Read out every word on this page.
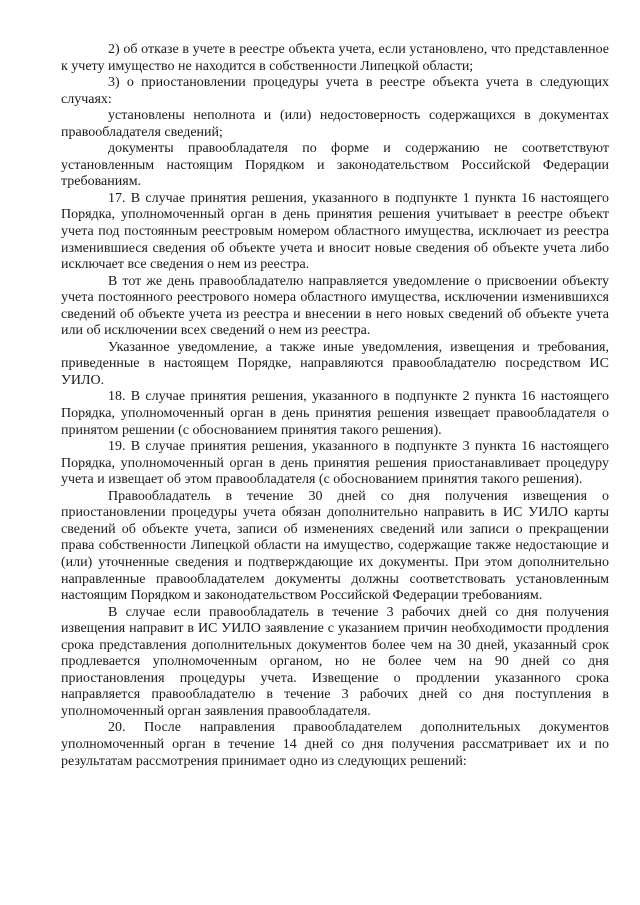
2) об отказе в учете в реестре объекта учета, если установлено, что представленное к учету имущество не находится в собственности Липецкой области;

3) о приостановлении процедуры учета в реестре объекта учета в следующих случаях:

установлены неполнота и (или) недостоверность содержащихся в документах правообладателя сведений;

документы правообладателя по форме и содержанию не соответствуют установленным настоящим Порядком и законодательством Российской Федерации требованиям.

17. В случае принятия решения, указанного в подпункте 1 пункта 16 настоящего Порядка, уполномоченный орган в день принятия решения учитывает в реестре объект учета под постоянным реестровым номером областного имущества, исключает из реестра изменившиеся сведения об объекте учета и вносит новые сведения об объекте учета либо исключает все сведения о нем из реестра.

В тот же день правообладателю направляется уведомление о присвоении объекту учета постоянного реестрового номера областного имущества, исключении изменившихся сведений об объекте учета из реестра и внесении в него новых сведений об объекте учета или об исключении всех сведений о нем из реестра.

Указанное уведомление, а также иные уведомления, извещения и требования, приведенные в настоящем Порядке, направляются правообладателю посредством ИС УИЛО.

18. В случае принятия решения, указанного в подпункте 2 пункта 16 настоящего Порядка, уполномоченный орган в день принятия решения извещает правообладателя о принятом решении (с обоснованием принятия такого решения).

19. В случае принятия решения, указанного в подпункте 3 пункта 16 настоящего Порядка, уполномоченный орган в день принятия решения приостанавливает процедуру учета и извещает об этом правообладателя (с обоснованием принятия такого решения).

Правообладатель в течение 30 дней со дня получения извещения о приостановлении процедуры учета обязан дополнительно направить в ИС УИЛО карты сведений об объекте учета, записи об изменениях сведений или записи о прекращении права собственности Липецкой области на имущество, содержащие также недостающие и (или) уточненные сведения и подтверждающие их документы. При этом дополнительно направленные правообладателем документы должны соответствовать установленным настоящим Порядком и законодательством Российской Федерации требованиям.

В случае если правообладатель в течение 3 рабочих дней со дня получения извещения направит в ИС УИЛО заявление с указанием причин необходимости продления срока представления дополнительных документов более чем на 30 дней, указанный срок продлевается уполномоченным органом, но не более чем на 90 дней со дня приостановления процедуры учета. Извещение о продлении указанного срока направляется правообладателю в течение 3 рабочих дней со дня поступления в уполномоченный орган заявления правообладателя.

20. После направления правообладателем дополнительных документов уполномоченный орган в течение 14 дней со дня получения рассматривает их и по результатам рассмотрения принимает одно из следующих решений:
